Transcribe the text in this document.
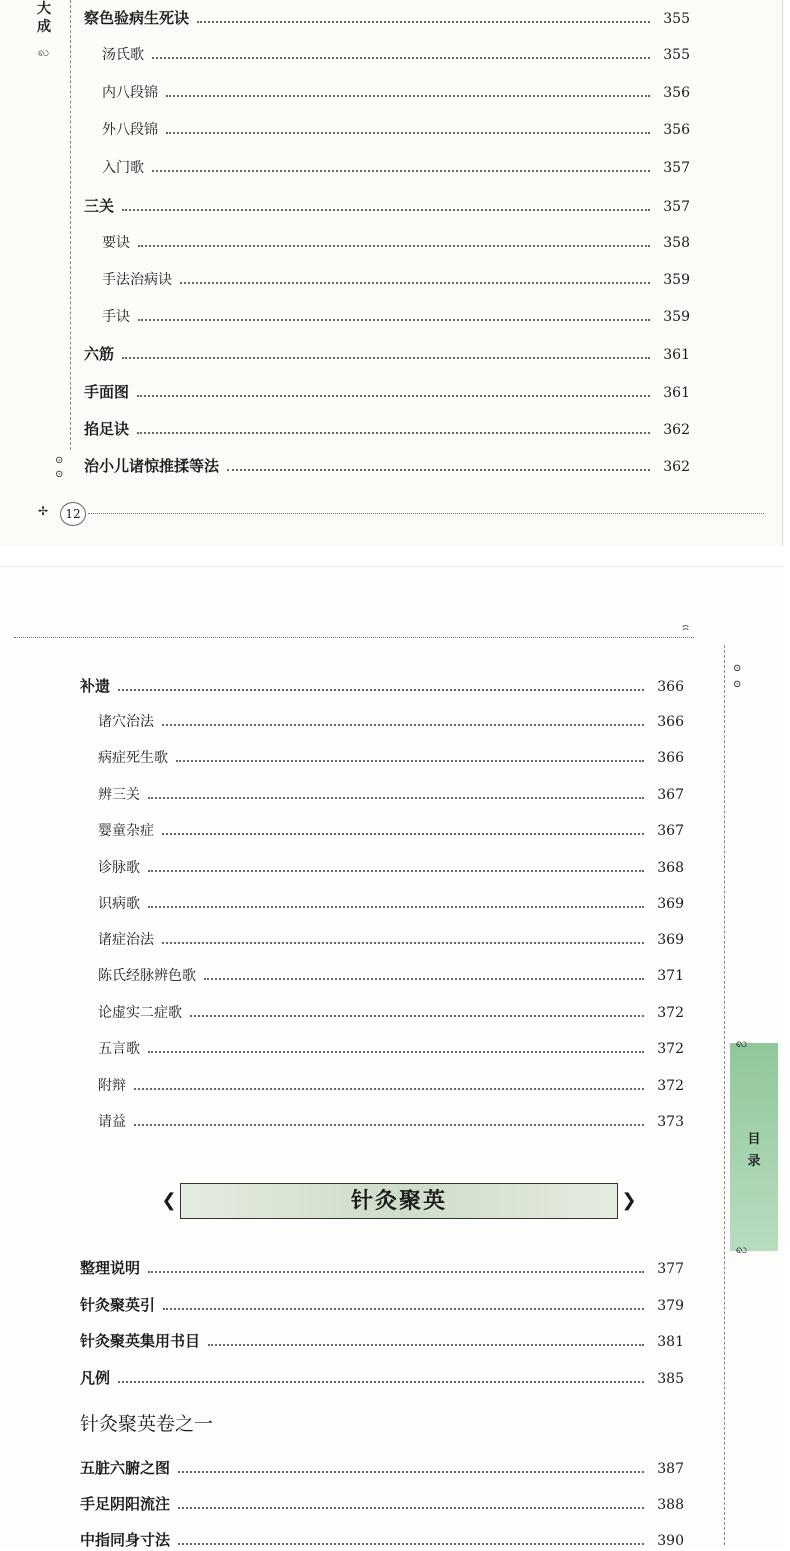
大成
ꩮ
⊙
⊙
察色验病生死诀	355
汤氏歌	355
内八段锦	356
外八段锦	356
入门歌	357
三关	357
要诀	358
手法治病诀	359
手诀	359
六筋	361
手面图	361
掐足诀	362
治小儿诸惊推揉等法	362
✢	12
⊙
⊙
目录
ꩮ
ꩮ
补遗	366
诸穴治法	366
病症死生歌	366
辨三关	367
婴童杂症	367
诊脉歌	368
识病歌	369
诸症治法	369
陈氏经脉辨色歌	371
论虚实二症歌	372
五言歌	372
附辩	372
请益	373
整理说明	377
针灸聚英引	379
针灸聚英集用书目	381
凡例	385
五脏六腑之图	387
手足阴阳流注	388
中指同身寸法	390
❮	❯
针灸聚英
针灸聚英卷之一
